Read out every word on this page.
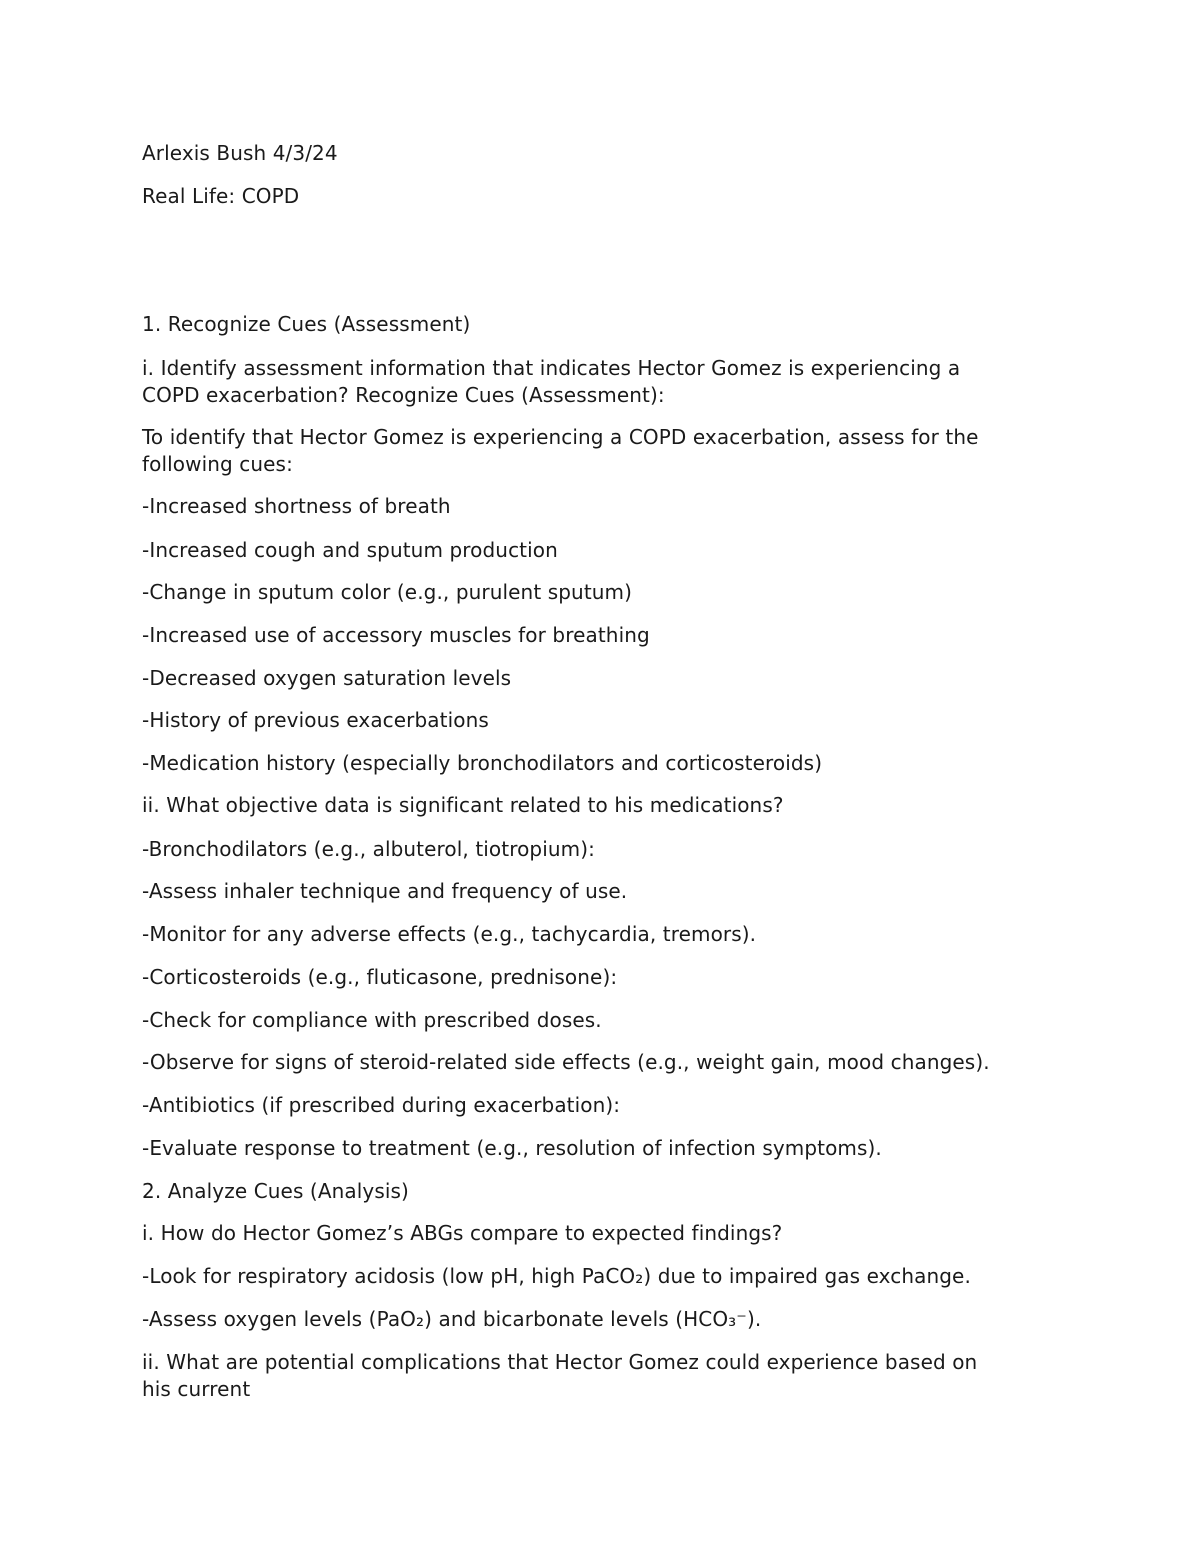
Arlexis Bush 4/3/24

Real Life: COPD

1. Recognize Cues (Assessment)

i. Identify assessment information that indicates Hector Gomez is experiencing a

COPD exacerbation? Recognize Cues (Assessment):

To identify that Hector Gomez is experiencing a COPD exacerbation, assess for the

following cues:

-Increased shortness of breath

-Increased cough and sputum production

-Change in sputum color (e.g., purulent sputum)

-Increased use of accessory muscles for breathing

-Decreased oxygen saturation levels

-History of previous exacerbations

-Medication history (especially bronchodilators and corticosteroids)

ii. What objective data is significant related to his medications?

-Bronchodilators (e.g., albuterol, tiotropium):

-Assess inhaler technique and frequency of use.

-Monitor for any adverse effects (e.g., tachycardia, tremors).

-Corticosteroids (e.g., fluticasone, prednisone):

-Check for compliance with prescribed doses.

-Observe for signs of steroid-related side effects (e.g., weight gain, mood changes).

-Antibiotics (if prescribed during exacerbation):

-Evaluate response to treatment (e.g., resolution of infection symptoms).

2. Analyze Cues (Analysis)

i. How do Hector Gomez’s ABGs compare to expected findings?

-Look for respiratory acidosis (low pH, high PaCO₂) due to impaired gas exchange.

-Assess oxygen levels (PaO₂) and bicarbonate levels (HCO₃⁻).

ii. What are potential complications that Hector Gomez could experience based on

his current
